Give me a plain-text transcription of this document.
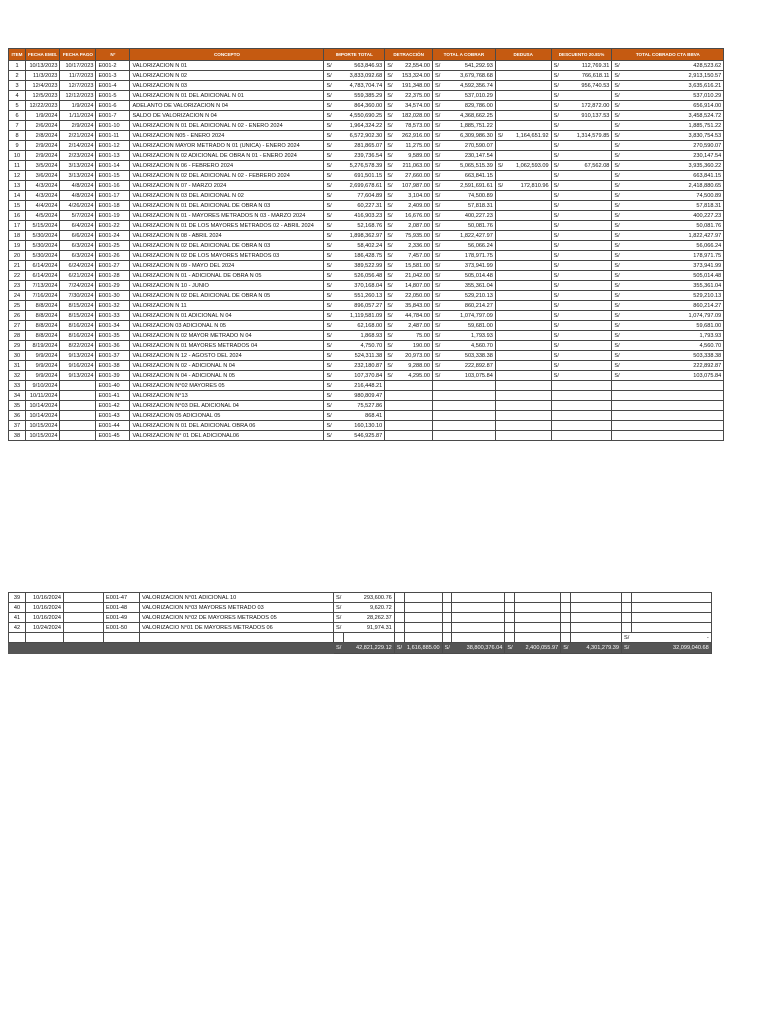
ITEM	FECHA EMIS.	FECHA PAGO	N°	CONCEPTO	IMPORTE TOTAL		DETRACCIÓN		TOTAL A COBRAR		DEDUSA		DESCUENTO 20.81%		TOTAL COBRADO CTA BBVA	
1	10/13/2023	10/17/2023	E001-2	VALORIZACION N 01	S/	563,846.93	S/	22,554.00	S/	541,292.93			S/	112,769.31	S/	428,523.62
2	11/3/2023	11/7/2023	E001-3	VALORIZACION N 02	S/	3,833,092.68	S/	153,324.00	S/	3,679,768.68			S/	766,618.11	S/	2,913,150.57
3	12/4/2023	12/7/2023	E001-4	VALORIZACION N 03	S/	4,783,704.74	S/	191,348.00	S/	4,592,356.74			S/	956,740.53	S/	3,635,616.21
4	12/5/2023	12/12/2023	E001-5	VALORIZACION N 01 DEL ADICIONAL N 01	S/	559,385.29	S/	22,375.00	S/	537,010.29			S/		S/	537,010.29
5	12/22/2023	1/9/2024	E001-6	ADELANTO DE VALORIZACION N 04	S/	864,360.00	S/	34,574.00	S/	829,786.00			S/	172,872.00	S/	656,914.00
6	1/9/2024	1/11/2024	E001-7	SALDO DE VALORIZACION N 04	S/	4,550,690.25	S/	182,028.00	S/	4,368,662.25			S/	910,137.53	S/	3,458,524.72
7	2/6/2024	2/9/2024	E001-10	VALORIZACION N 01 DEL ADICIONAL N 02 - ENERO 2024	S/	1,964,324.22	S/	78,573.00	S/	1,885,751.22			S/		S/	1,885,751.22
8	2/8/2024	2/21/2024	E001-11	VALORIZACION N05 - ENERO 2024	S/	6,572,902.30	S/	262,916.00	S/	6,309,986.30	S/	1,164,651.92	S/	1,314,579.85	S/	3,830,754.53
9	2/9/2024	2/14/2024	E001-12	VALORIZACION MAYOR METRADO N 01 (UNICA) - ENERO 2024	S/	281,865.07	S/	11,275.00	S/	270,590.07			S/		S/	270,590.07
10	2/9/2024	2/23/2024	E001-13	VALORIZACION N 02 ADICIONAL DE OBRA N 01 - ENERO 2024	S/	239,736.54	S/	9,589.00	S/	230,147.54			S/		S/	230,147.54
11	3/5/2024	3/13/2024	E001-14	VALORIZACION N 06 - FEBRERO 2024	S/	5,276,578.39	S/	211,063.00	S/	5,065,515.39	S/	1,062,593.09	S/	67,562.08	S/	3,935,360.22
12	3/6/2024	3/13/2024	E001-15	VALORIZACION N 02 DEL ADICIONAL N 02 - FEBRERO 2024	S/	691,501.15	S/	27,660.00	S/	663,841.15			S/		S/	663,841.15
13	4/3/2024	4/8/2024	E001-16	VALORIZACION N 07 - MARZO 2024	S/	2,699,678.61	S/	107,987.00	S/	2,591,691.61	S/	172,810.96	S/		S/	2,418,880.65
14	4/3/2024	4/8/2024	E001-17	VALORIZACION N 03 DEL ADICIONAL N 02	S/	77,604.89	S/	3,104.00	S/	74,500.89			S/		S/	74,500.89
15	4/4/2024	4/26/2024	E001-18	VALORIZACION N 01 DEL ADICIONAL DE OBRA N 03	S/	60,227.31	S/	2,409.00	S/	57,818.31			S/		S/	57,818.31
16	4/5/2024	5/7/2024	E001-19	VALORIZACION N 01 - MAYORES METRADOS N 03 - MARZO 2024	S/	416,903.23	S/	16,676.00	S/	400,227.23			S/		S/	400,227.23
17	5/15/2024	6/4/2024	E001-22	VALORIZACION N 01 DE LOS MAYORES METRADOS 02 - ABRIL 2024	S/	52,168.76	S/	2,087.00	S/	50,081.76			S/		S/	50,081.76
18	5/30/2024	6/6/2024	E001-24	VALORIZACION N 08 - ABRIL 2024	S/	1,898,362.97	S/	75,935.00	S/	1,822,427.97			S/		S/	1,822,427.97
19	5/30/2024	6/3/2024	E001-25	VALORIZACION N 02 DEL ADICIONAL DE OBRA N 03	S/	58,402.24	S/	2,336.00	S/	56,066.24			S/		S/	56,066.24
20	5/30/2024	6/3/2024	E001-26	VALORIZACION N 02 DE LOS MAYORES METRADOS 03	S/	186,428.75	S/	7,457.00	S/	178,971.75			S/		S/	178,971.75
21	6/14/2024	6/24/2024	E001-27	VALORIZACION N 09 - MAYO DEL 2024	S/	389,522.99	S/	15,581.00	S/	373,941.99			S/		S/	373,941.99
22	6/14/2024	6/21/2024	E001-28	VALORIZACION N 01 - ADICIONAL DE OBRA N 05	S/	526,056.48	S/	21,042.00	S/	505,014.48			S/		S/	505,014.48
23	7/13/2024	7/24/2024	E001-29	VALORIZACION N 10 - JUNIO	S/	370,168.04	S/	14,807.00	S/	355,361.04			S/		S/	355,361.04
24	7/16/2024	7/30/2024	E001-30	VALORIZACION N 02 DEL ADICIONAL DE OBRA N 05	S/	551,260.13	S/	22,050.00	S/	529,210.13			S/		S/	529,210.13
25	8/8/2024	8/15/2024	E001-32	VALORIZACION N 11	S/	896,057.27	S/	35,843.00	S/	860,214.27			S/		S/	860,214.27
26	8/8/2024	8/15/2024	E001-33	VALORIZACION N 01 ADICIONAL N 04	S/	1,119,581.09	S/	44,784.00	S/	1,074,797.09			S/		S/	1,074,797.09
27	8/8/2024	8/16/2024	E001-34	VALORIZACION 03 ADICIONAL N 05	S/	62,168.00	S/	2,487.00	S/	59,681.00			S/		S/	59,681.00
28	8/8/2024	8/16/2024	E001-35	VALORIZACION N 02 MAYOR METRADO N 04	S/	1,868.93	S/	75.00	S/	1,793.93			S/		S/	1,793.93
29	8/19/2024	8/22/2024	E001-36	VALORIZACION N 01 MAYORES METRADOS 04	S/	4,750.70	S/	190.00	S/	4,560.70			S/		S/	4,560.70
30	9/9/2024	9/13/2024	E001-37	VALORIZACION N 12 - AGOSTO DEL 2024	S/	524,311.38	S/	20,973.00	S/	503,338.38			S/		S/	503,338.38
31	9/9/2024	9/16/2024	E001-38	VALORIZACION N 02 - ADICIONAL N 04	S/	232,180.87	S/	9,288.00	S/	222,892.87			S/		S/	222,892.87
32	9/9/2024	9/13/2024	E001-39	VALORIZACION N 04 - ADICIONAL N 05	S/	107,370.84	S/	4,295.00	S/	103,075.84			S/		S/	103,075.84
33	9/10/2024		E001-40	VALORIZACION N°02 MAYORES 05	S/	216,448.21										
34	10/11/2024		E001-41	VALORIZACION N°13	S/	980,809.47										
35	10/14/2024		E001-42	VALORIZACION N°03 DEL ADICIONAL 04	S/	75,527.86										
36	10/14/2024		E001-43	VALORIZACION 05 ADICIONAL 05	S/	868.41										
37	10/15/2024		E001-44	VALORIZACION N 01 DEL ADICIONAL OBRA 06	S/	160,130.10										
38	10/15/2024		E001-45	VALORIZACION N° 01 DEL ADICIONAL06	S/	546,925.87										
39	10/16/2024		E001-47	VALORIZACION N°01 ADICIONAL 10	S/	293,600.76										
40	10/16/2024		E001-48	VALORIZACION N°03 MAYORES METRADO 03	S/	9,620.72										
41	10/16/2024		E001-49	VALORIZACION N°02 DE MAYORES METRADOS 05	S/	28,262.37										
42	10/24/2024		E001-50	VALORIZACIO N°01 DE MAYORES METRADOS 06	S/	91,974.31										
															S/	-
					S/	42,821,229.12	S/	1,616,885.00	S/	38,800,376.04	S/	2,400,055.97	S/	4,301,279.39	S/	32,099,040.68
